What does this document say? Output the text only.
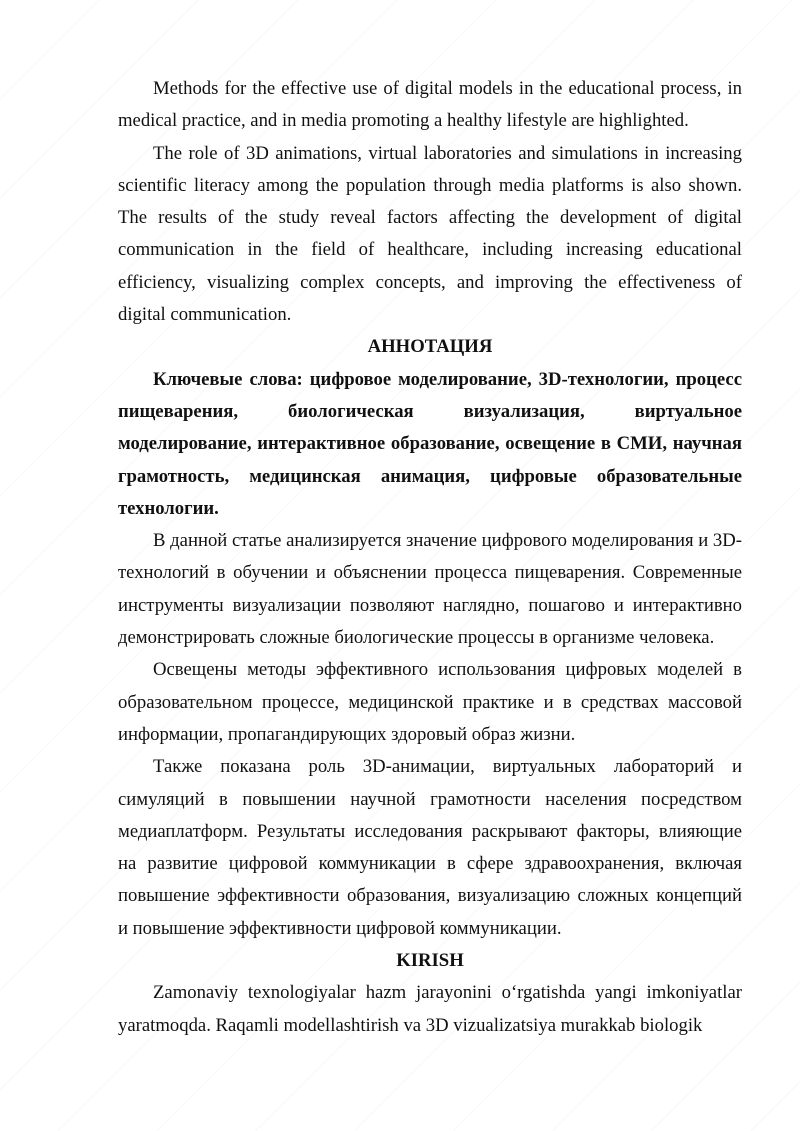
Methods for the effective use of digital models in the educational process, in medical practice, and in media promoting a healthy lifestyle are highlighted.

The role of 3D animations, virtual laboratories and simulations in increasing scientific literacy among the population through media platforms is also shown. The results of the study reveal factors affecting the development of digital communication in the field of healthcare, including increasing educational efficiency, visualizing complex concepts, and improving the effectiveness of digital communication.

АННОТАЦИЯ

Ключевые слова: цифровое моделирование, 3D-технологии, процесс пищеварения, биологическая визуализация, виртуальное моделирование, интерактивное образование, освещение в СМИ, научная грамотность, медицинская анимация, цифровые образовательные технологии.

В данной статье анализируется значение цифрового моделирования и 3D-технологий в обучении и объяснении процесса пищеварения. Современные инструменты визуализации позволяют наглядно, пошагово и интерактивно демонстрировать сложные биологические процессы в организме человека.

Освещены методы эффективного использования цифровых моделей в образовательном процессе, медицинской практике и в средствах массовой информации, пропагандирующих здоровый образ жизни.

Также показана роль 3D-анимации, виртуальных лабораторий и симуляций в повышении научной грамотности населения посредством медиаплатформ. Результаты исследования раскрывают факторы, влияющие на развитие цифровой коммуникации в сфере здравоохранения, включая повышение эффективности образования, визуализацию сложных концепций и повышение эффективности цифровой коммуникации.

KIRISH

Zamonaviy texnologiyalar hazm jarayonini oʻrgatishda yangi imkoniyatlar yaratmoqda. Raqamli modellashtirish va 3D vizualizatsiya murakkab biologik
